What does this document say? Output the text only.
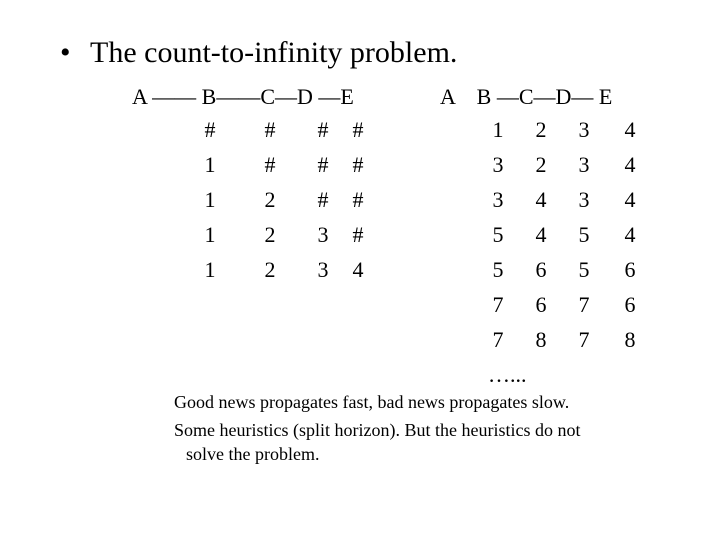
• The count-to-infinity problem.
A —— B——C—D —E	A    B —C—D— E
# # # #
1 # # #
1 2 # #
1 2 3 #
1 2 3 4
1 2 3 4
3 2 3 4
3 4 3 4
5 4 5 4
5 6 5 6
7 6 7 6
7 8 7 8
…...
Good news propagates fast, bad news propagates slow.
Some heuristics (split horizon). But the heuristics do not
solve the problem.
